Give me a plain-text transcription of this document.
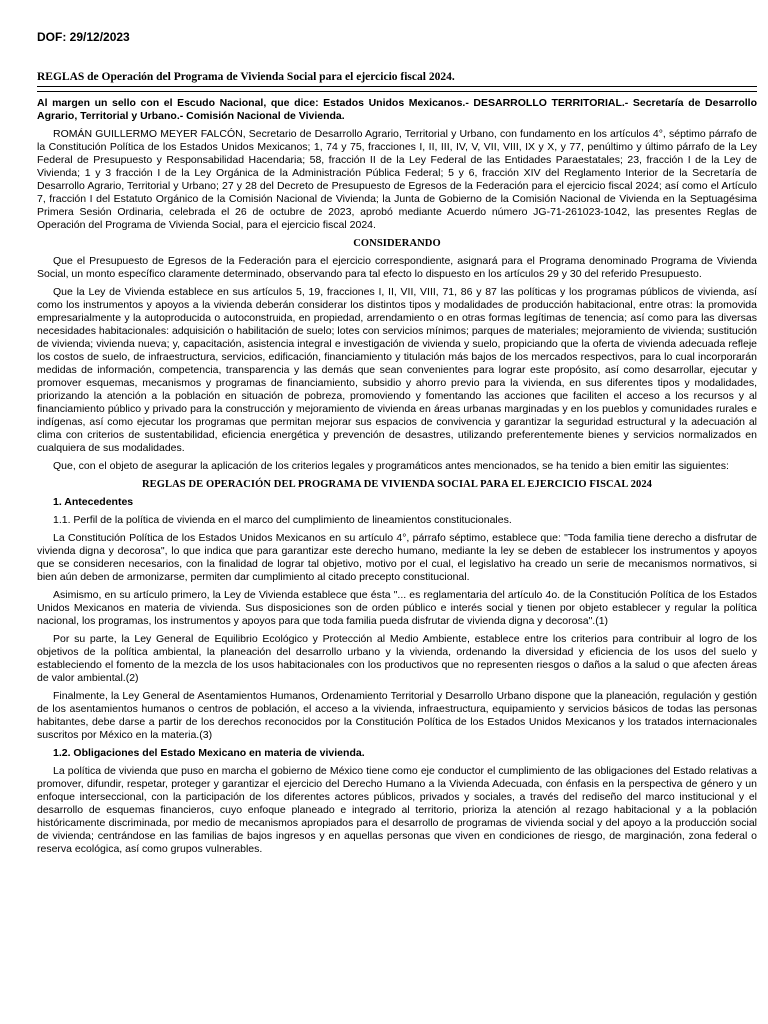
DOF: 29/12/2023
REGLAS de Operación del Programa de Vivienda Social para el ejercicio fiscal 2024.

Al margen un sello con el Escudo Nacional, que dice: Estados Unidos Mexicanos.- DESARROLLO TERRITORIAL.- Secretaría de Desarrollo Agrario, Territorial y Urbano.- Comisión Nacional de Vivienda.

ROMÁN GUILLERMO MEYER FALCÓN, Secretario de Desarrollo Agrario, Territorial y Urbano, con fundamento en los artículos 4°, séptimo párrafo de la Constitución Política de los Estados Unidos Mexicanos; 1, 74 y 75, fracciones I, II, III, IV, V, VII, VIII, IX y X, y 77, penúltimo y último párrafo de la Ley Federal de Presupuesto y Responsabilidad Hacendaria; 58, fracción II de la Ley Federal de las Entidades Paraestatales; 23, fracción I de la Ley de Vivienda; 1 y 3 fracción I de la Ley Orgánica de la Administración Pública Federal; 5 y 6, fracción XIV del Reglamento Interior de la Secretaría de Desarrollo Agrario, Territorial y Urbano; 27 y 28 del Decreto de Presupuesto de Egresos de la Federación para el ejercicio fiscal 2024; así como el Artículo 7, fracción I del Estatuto Orgánico de la Comisión Nacional de Vivienda; la Junta de Gobierno de la Comisión Nacional de Vivienda en la Septuagésima Primera Sesión Ordinaria, celebrada el 26 de octubre de 2023, aprobó mediante Acuerdo número JG-71-261023-1042, las presentes Reglas de Operación del Programa de Vivienda Social, para el ejercicio fiscal 2024.

CONSIDERANDO

Que el Presupuesto de Egresos de la Federación para el ejercicio correspondiente, asignará para el Programa denominado Programa de Vivienda Social, un monto específico claramente determinado, observando para tal efecto lo dispuesto en los artículos 29 y 30 del referido Presupuesto.

Que la Ley de Vivienda establece en sus artículos 5, 19, fracciones I, II, VII, VIII, 71, 86 y 87 las políticas y los programas públicos de vivienda, así como los instrumentos y apoyos a la vivienda deberán considerar los distintos tipos y modalidades de producción habitacional, entre otras: la promovida empresarialmente y la autoproducida o autoconstruida, en propiedad, arrendamiento o en otras formas legítimas de tenencia; así como para las diversas necesidades habitacionales: adquisición o habilitación de suelo; lotes con servicios mínimos; parques de materiales; mejoramiento de vivienda; sustitución de vivienda; vivienda nueva; y, capacitación, asistencia integral e investigación de vivienda y suelo, propiciando que la oferta de vivienda adecuada refleje los costos de suelo, de infraestructura, servicios, edificación, financiamiento y titulación más bajos de los mercados respectivos, para lo cual incorporarán medidas de información, competencia, transparencia y las demás que sean convenientes para lograr este propósito, así como desarrollar, ejecutar y promover esquemas, mecanismos y programas de financiamiento, subsidio y ahorro previo para la vivienda, en sus diferentes tipos y modalidades, priorizando la atención a la población en situación de pobreza, promoviendo y fomentando las acciones que faciliten el acceso a los recursos y al financiamiento público y privado para la construcción y mejoramiento de vivienda en áreas urbanas marginadas y en los pueblos y comunidades rurales e indígenas, así como ejecutar los programas que permitan mejorar sus espacios de convivencia y garantizar la seguridad estructural y la adecuación al clima con criterios de sustentabilidad, eficiencia energética y prevención de desastres, utilizando preferentemente bienes y servicios normalizados en cualquiera de sus modalidades.

Que, con el objeto de asegurar la aplicación de los criterios legales y programáticos antes mencionados, se ha tenido a bien emitir las siguientes:

REGLAS DE OPERACIÓN DEL PROGRAMA DE VIVIENDA SOCIAL PARA EL EJERCICIO FISCAL 2024
1. Antecedentes
1.1. Perfil de la política de vivienda en el marco del cumplimiento de lineamientos constitucionales.

La Constitución Política de los Estados Unidos Mexicanos en su artículo 4°, párrafo séptimo, establece que: "Toda familia tiene derecho a disfrutar de vivienda digna y decorosa", lo que indica que para garantizar este derecho humano, mediante la ley se deben de establecer los instrumentos y apoyos que se consideren necesarios, con la finalidad de lograr tal objetivo, motivo por el cual, el legislativo ha creado un serie de mecanismos normativos, si bien aún deben de armonizarse, permiten dar cumplimiento al citado precepto constitucional.

Asimismo, en su artículo primero, la Ley de Vivienda establece que ésta "... es reglamentaria del artículo 4o. de la Constitución Política de los Estados Unidos Mexicanos en materia de vivienda. Sus disposiciones son de orden público e interés social y tienen por objeto establecer y regular la política nacional, los programas, los instrumentos y apoyos para que toda familia pueda disfrutar de vivienda digna y decorosa".(1)

Por su parte, la Ley General de Equilibrio Ecológico y Protección al Medio Ambiente, establece entre los criterios para contribuir al logro de los objetivos de la política ambiental, la planeación del desarrollo urbano y la vivienda, ordenando la diversidad y eficiencia de los usos del suelo y estableciendo el fomento de la mezcla de los usos habitacionales con los productivos que no representen riesgos o daños a la salud o que afecten áreas de valor ambiental.(2)

Finalmente, la Ley General de Asentamientos Humanos, Ordenamiento Territorial y Desarrollo Urbano dispone que la planeación, regulación y gestión de los asentamientos humanos o centros de población, el acceso a la vivienda, infraestructura, equipamiento y servicios básicos de todas las personas habitantes, debe darse a partir de los derechos reconocidos por la Constitución Política de los Estados Unidos Mexicanos y los tratados internacionales suscritos por México en la materia.(3)

1.2. Obligaciones del Estado Mexicano en materia de vivienda.

La política de vivienda que puso en marcha el gobierno de México tiene como eje conductor el cumplimiento de las obligaciones del Estado relativas a promover, difundir, respetar, proteger y garantizar el ejercicio del Derecho Humano a la Vivienda Adecuada, con énfasis en la perspectiva de género y un enfoque interseccional, con la participación de los diferentes actores públicos, privados y sociales, a través del rediseño del marco institucional y el desarrollo de esquemas financieros, cuyo enfoque planeado e integrado al territorio, prioriza la atención al rezago habitacional y a la población históricamente discriminada, por medio de mecanismos apropiados para el desarrollo de programas de vivienda social y del apoyo a la producción social de vivienda; centrándose en las familias de bajos ingresos y en aquellas personas que viven en condiciones de riesgo, de marginación, zona federal o reserva ecológica, así como grupos vulnerables.
